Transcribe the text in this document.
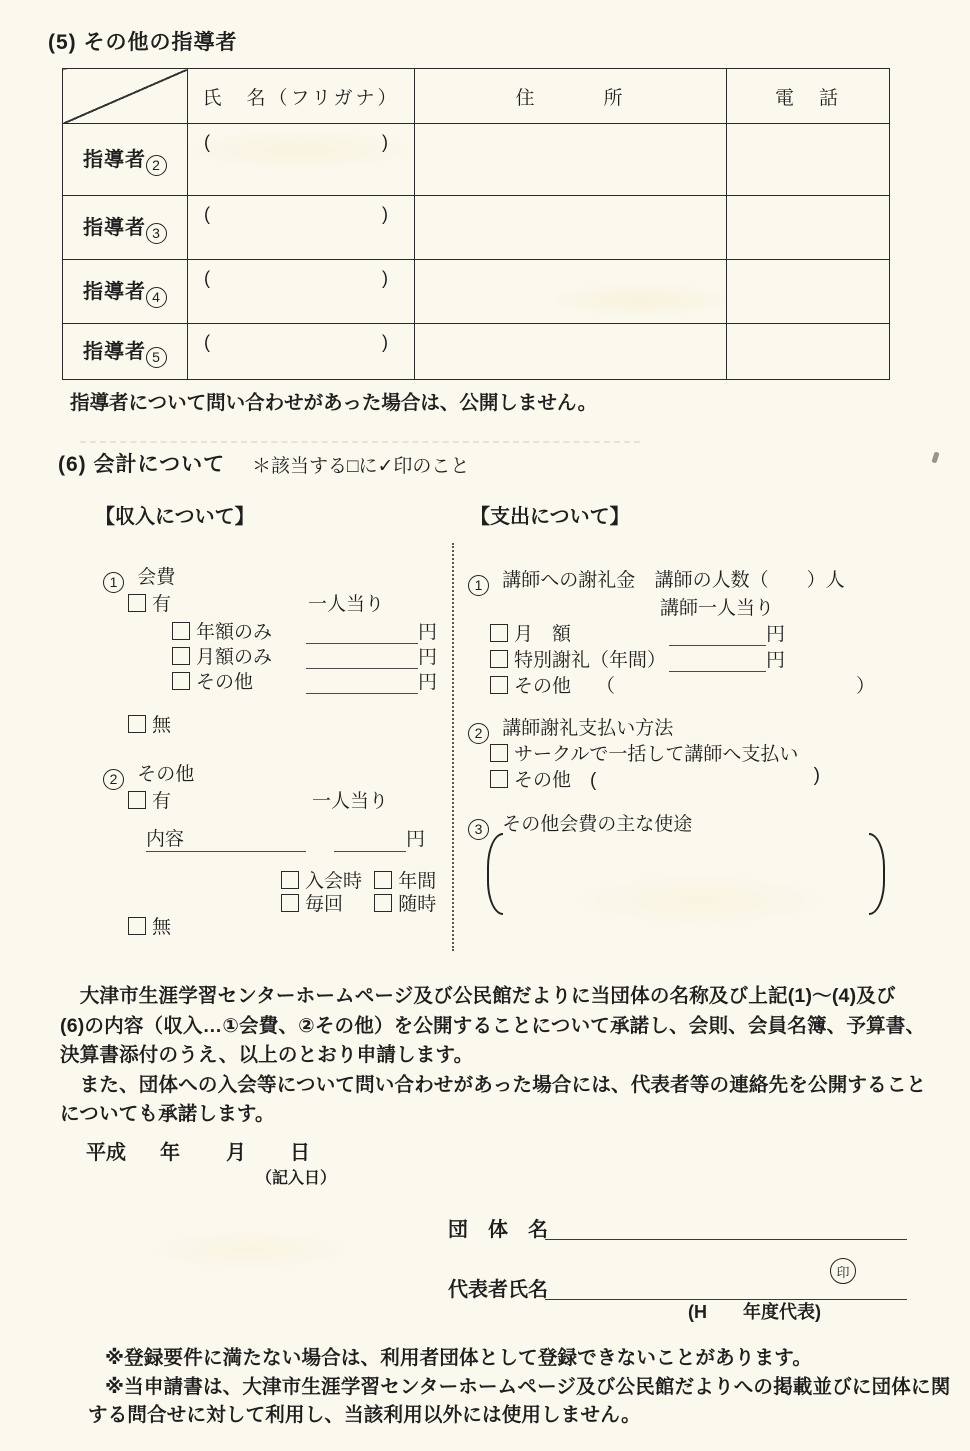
(5) その他の指導者
	氏　名（フリガナ）	住　　　所	電　話
指導者 2	( )		

指導者 3	( )		

指導者 4	( )		

指導者 5	( )		

指導者について問い合わせがあった場合は、公開しません。
(6) 会計について ＊該当する□に✓印のこと
【収入について】	【支出について】
1 会費
有	一人当り
年額のみ	円
月額のみ	円
その他	円
無
2 その他
有	一人当り
内容	円
入会時 年間
毎回	随時
無
1 講師への謝礼金 講師の人数（　　）人
講師一人当り
月　額	円
特別謝礼（年間）	円
その他 （	）
2 講師謝礼支払い方法
サークルで一括して講師へ支払い
その他 (	)
3 その他会費の主な使途
　大津市生涯学習センターホームページ及び公民館だよりに当団体の名称及び上記(1)～(4)及び
(6)の内容（収入…①会費、②その他）を公開することについて承諾し、会則、会員名簿、予算書、
決算書添付のうえ、以上のとおり申請します。
　また、団体への入会等について問い合わせがあった場合には、代表者等の連絡先を公開すること
についても承諾します。
平成 年 月 日
（記入日）
団　体　名
代表者氏名
印
(H　　年度代表)
※登録要件に満たない場合は、利用者団体として登録できないことがあります。
※当申請書は、大津市生涯学習センターホームページ及び公民館だよりへの掲載並びに団体に関
する問合せに対して利用し、当該利用以外には使用しません。
